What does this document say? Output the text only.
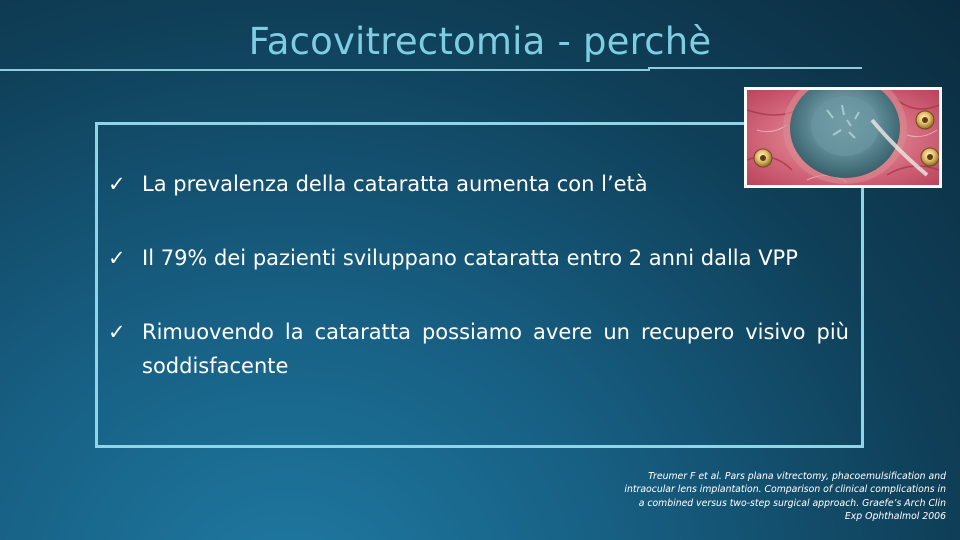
Facovitrectomia - perchè
✓ La prevalenza della cataratta aumenta con l’età
✓ Il 79% dei pazienti sviluppano cataratta entro 2 anni dalla VPP
✓ Rimuovendo la cataratta possiamo avere un recupero visivo più soddisfacente
Treumer F et al. Pars plana vitrectomy, phacoemulsification and intraocular lens implantation. Comparison of clinical complications in a combined versus two-step surgical approach. Graefe’s Arch Clin Exp Ophthalmol 2006
